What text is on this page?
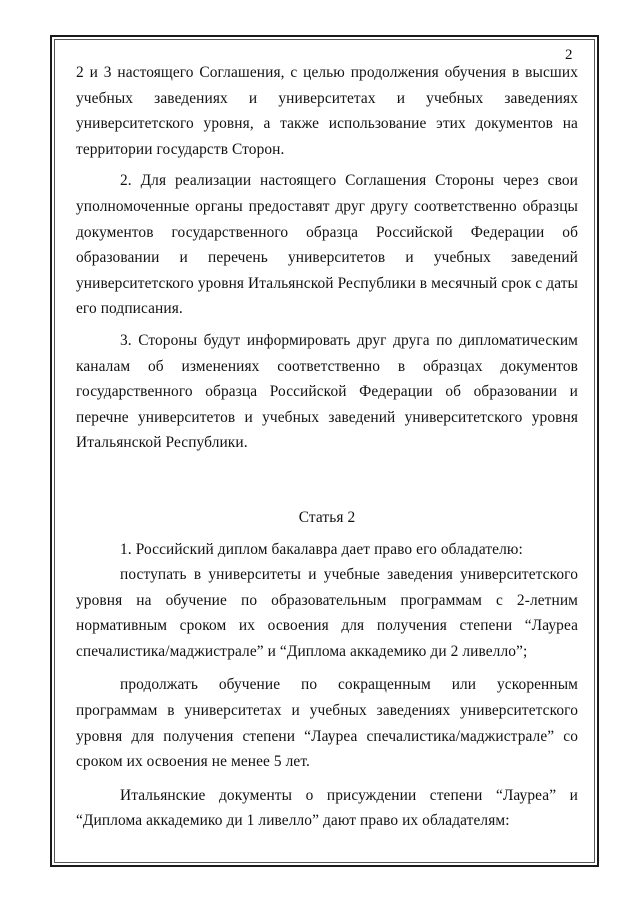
2

2 и 3 настоящего Соглашения, с целью продолжения обучения в высших учебных заведениях и университетах и учебных заведениях университетского уровня, а также использование этих документов на территории государств Сторон.

2. Для реализации настоящего Соглашения Стороны через свои уполномоченные органы предоставят друг другу соответственно образцы документов государственного образца Российской Федерации об образовании и перечень университетов и учебных заведений университетского уровня Итальянской Республики в месячный срок с даты его подписания.

3. Стороны будут информировать друг друга по дипломатическим каналам об изменениях соответственно в образцах документов государственного образца Российской Федерации об образовании и перечне университетов и учебных заведений университетского уровня Итальянской Республики.

Статья 2

1. Российский диплом бакалавра дает право его обладателю:

поступать в университеты и учебные заведения университетского уровня на обучение по образовательным программам с 2-летним нормативным сроком их освоения для получения степени “Лауреа спечалистика/маджистрале” и “Диплома аккадемико ди 2 ливелло”;

продолжать обучение по сокращенным или ускоренным программам в университетах и учебных заведениях университетского уровня для получения степени “Лауреа спечалистика/маджистрале” со сроком их освоения не менее 5 лет.

Итальянские документы о присуждении степени “Лауреа” и “Диплома аккадемико ди 1 ливелло” дают право их обладателям:
